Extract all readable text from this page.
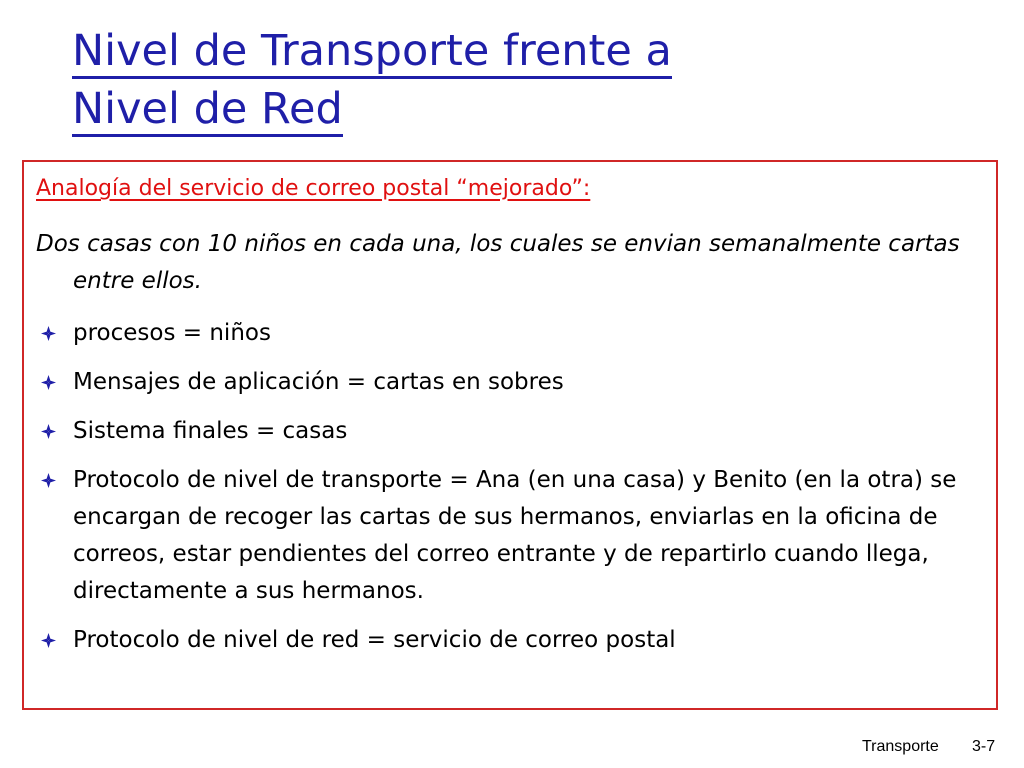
Nivel de Transporte frente a
Nivel de Red

Analogía del servicio de correo postal “mejorado”:

Dos casas con 10 niños en cada una, los cuales se envian semanalmente cartas entre ellos.

procesos = niños
Mensajes de aplicación = cartas en sobres
Sistema finales = casas
Protocolo de nivel de transporte = Ana (en una casa) y Benito (en la otra) se encargan de recoger las cartas de sus hermanos, enviarlas en la oficina de correos, estar pendientes del correo entrante y de repartirlo cuando llega, directamente a sus hermanos.
Protocolo de nivel de red = servicio de correo postal
Transporte 3-7
